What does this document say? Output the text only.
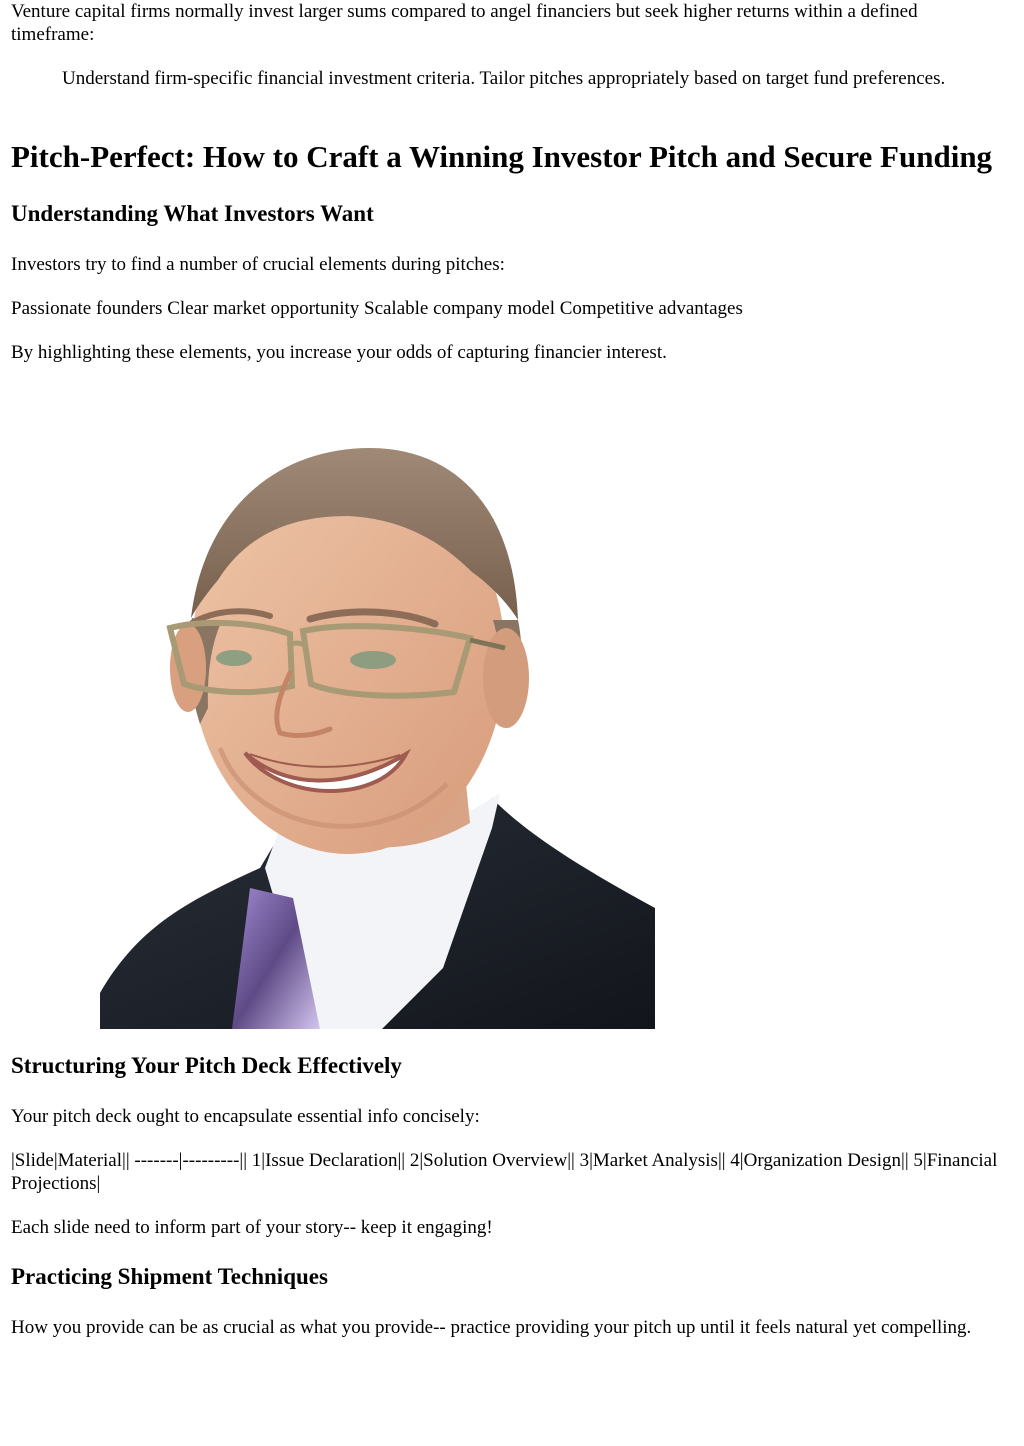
Venture capital firms normally invest larger sums compared to angel financiers but seek higher returns within a defined timeframe:

Understand firm-specific financial investment criteria. Tailor pitches appropriately based on target fund preferences.

Pitch-Perfect: How to Craft a Winning Investor Pitch and Secure Funding
Understanding What Investors Want

Investors try to find a number of crucial elements during pitches:

Passionate founders Clear market opportunity Scalable company model Competitive advantages

By highlighting these elements, you increase your odds of capturing financier interest.

Structuring Your Pitch Deck Effectively

Your pitch deck ought to encapsulate essential info concisely:

|Slide|Material|| -------|---------|| 1|Issue Declaration|| 2|Solution Overview|| 3|Market Analysis|| 4|Organization Design|| 5|Financial Projections|

Each slide need to inform part of your story-- keep it engaging!

Practicing Shipment Techniques

How you provide can be as crucial as what you provide-- practice providing your pitch up until it feels natural yet compelling.
